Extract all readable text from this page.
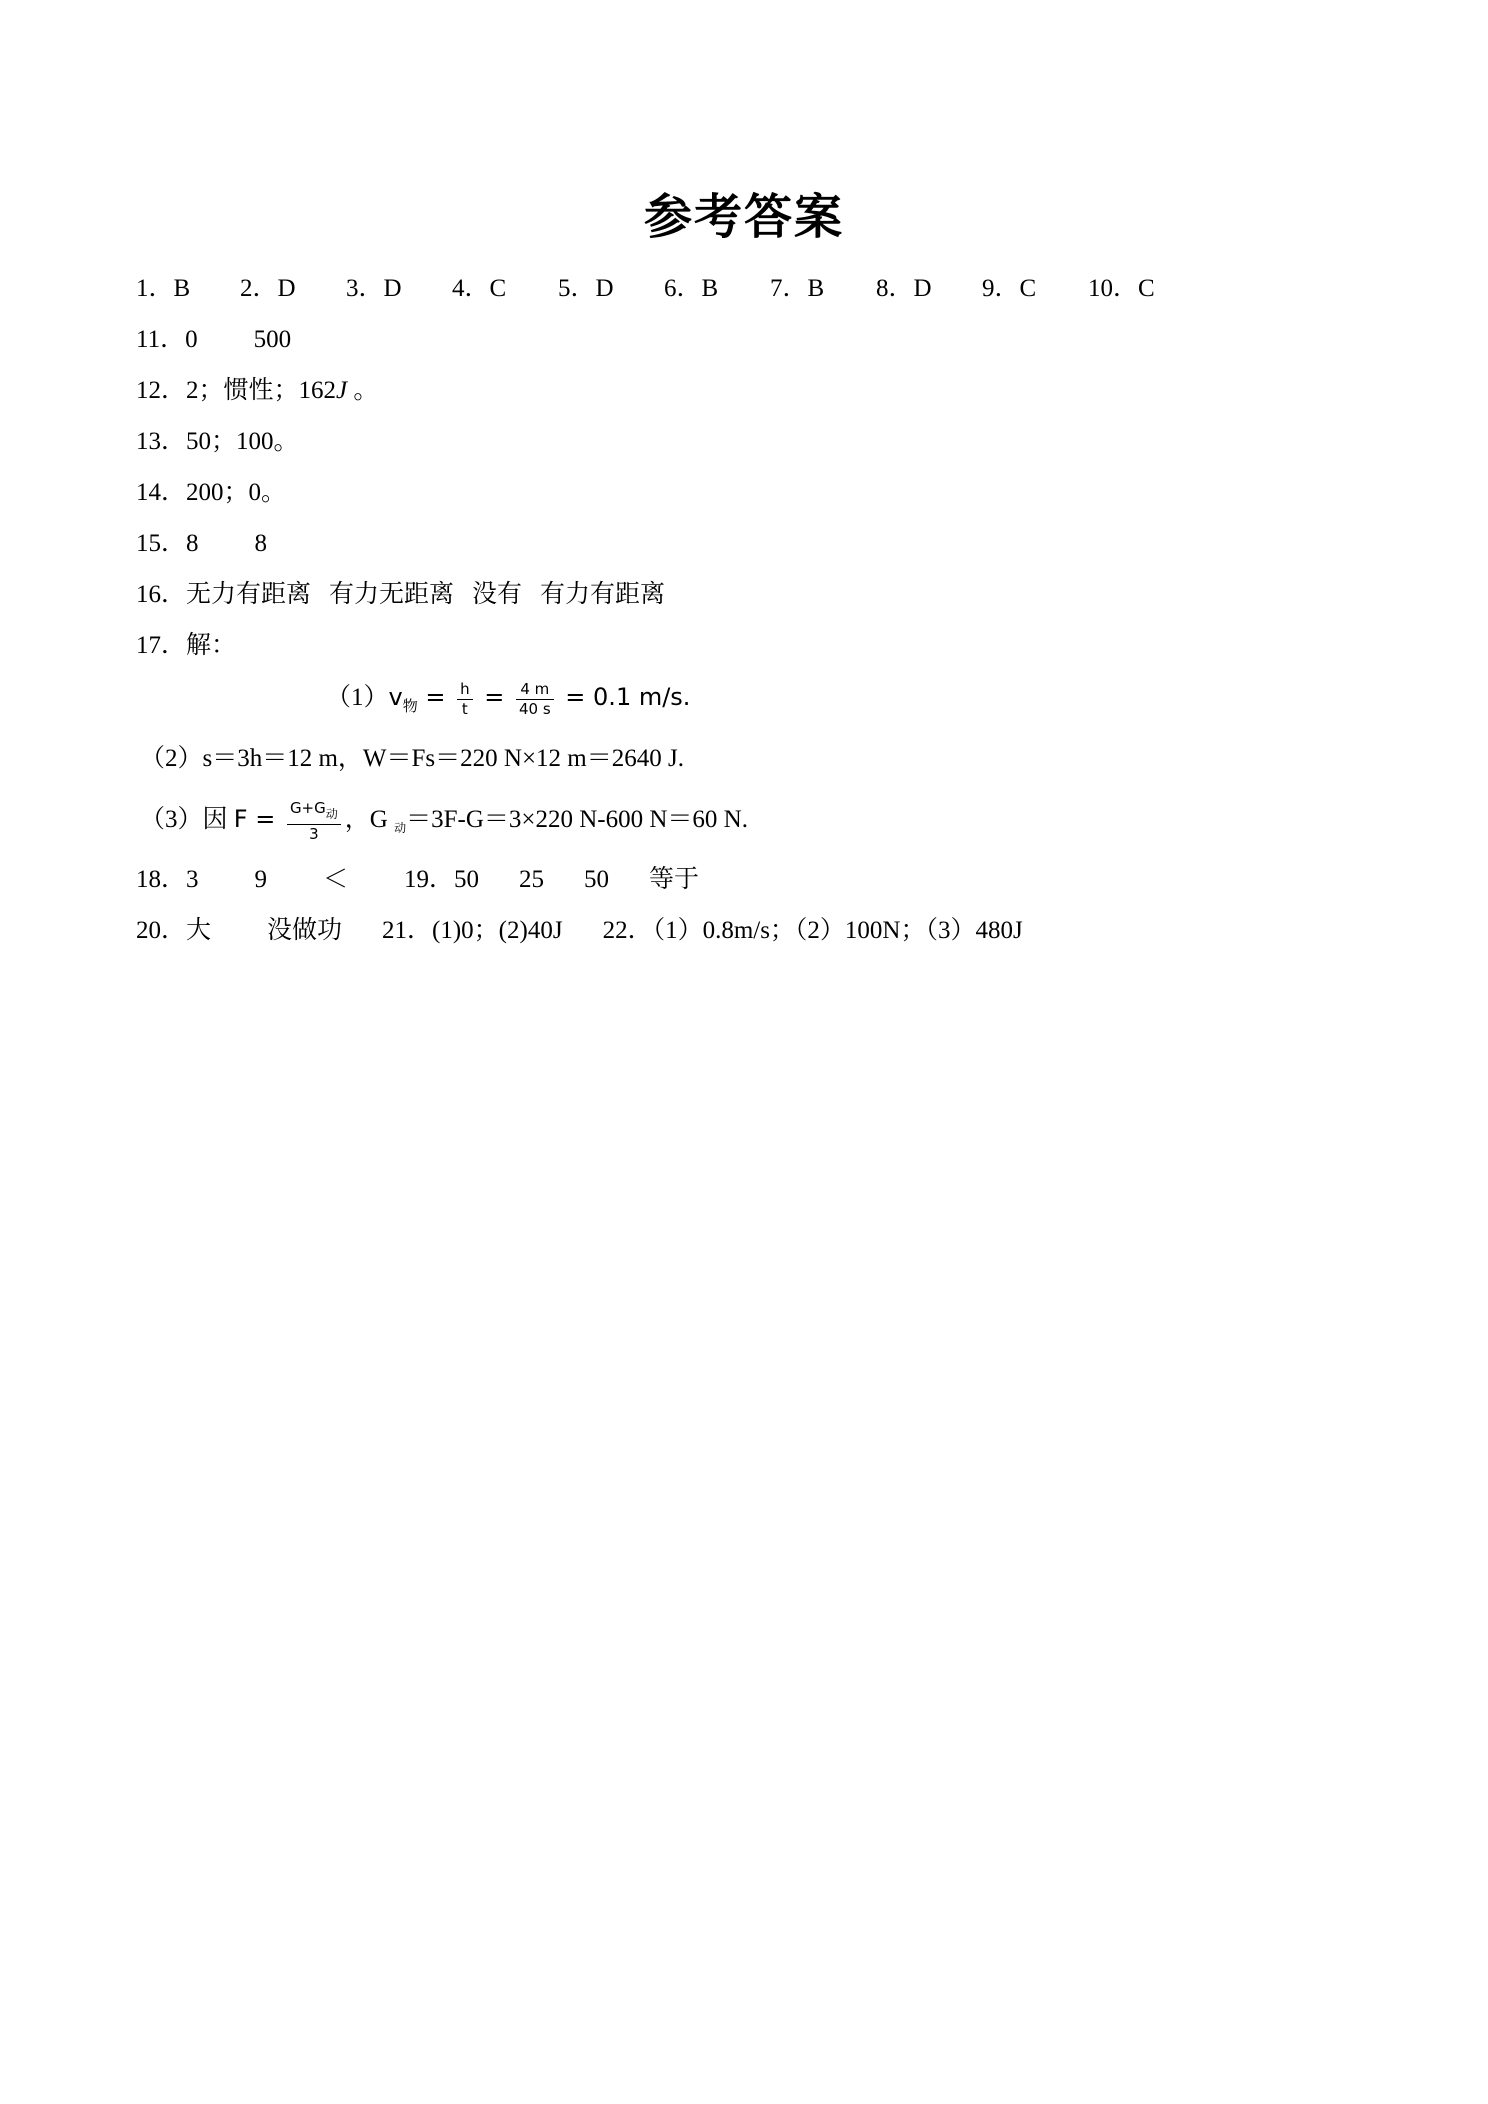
参考答案
1．B 2．D 3．D 4．C 5．D 6．B 7．B 8．D 9．C 10．C
11．0 500
12．2；惯性；162J 。
13．50；100。
14．200；0。
15．8 8
16．无力有距离 有力无距离 没有 有力有距离
17．解：
$(1)v_物 = \frac{h}{t} = \frac{4 m}{40 s} = 0.1$ m/s.
（2）s＝3h＝12 m，W＝Fs＝220 N×12 m＝2640 J.
（3）因 $F = \frac{G+G_动}{3}$ ，G $_动$＝3F-G＝3×220 N-600 N＝60 N.
18．3 9 ＜ 19．50 25 50 等于
20．大 没做功 21．(1)0；(2)40J 22．（1）0.8m/s；（2）100N；（3）480J
